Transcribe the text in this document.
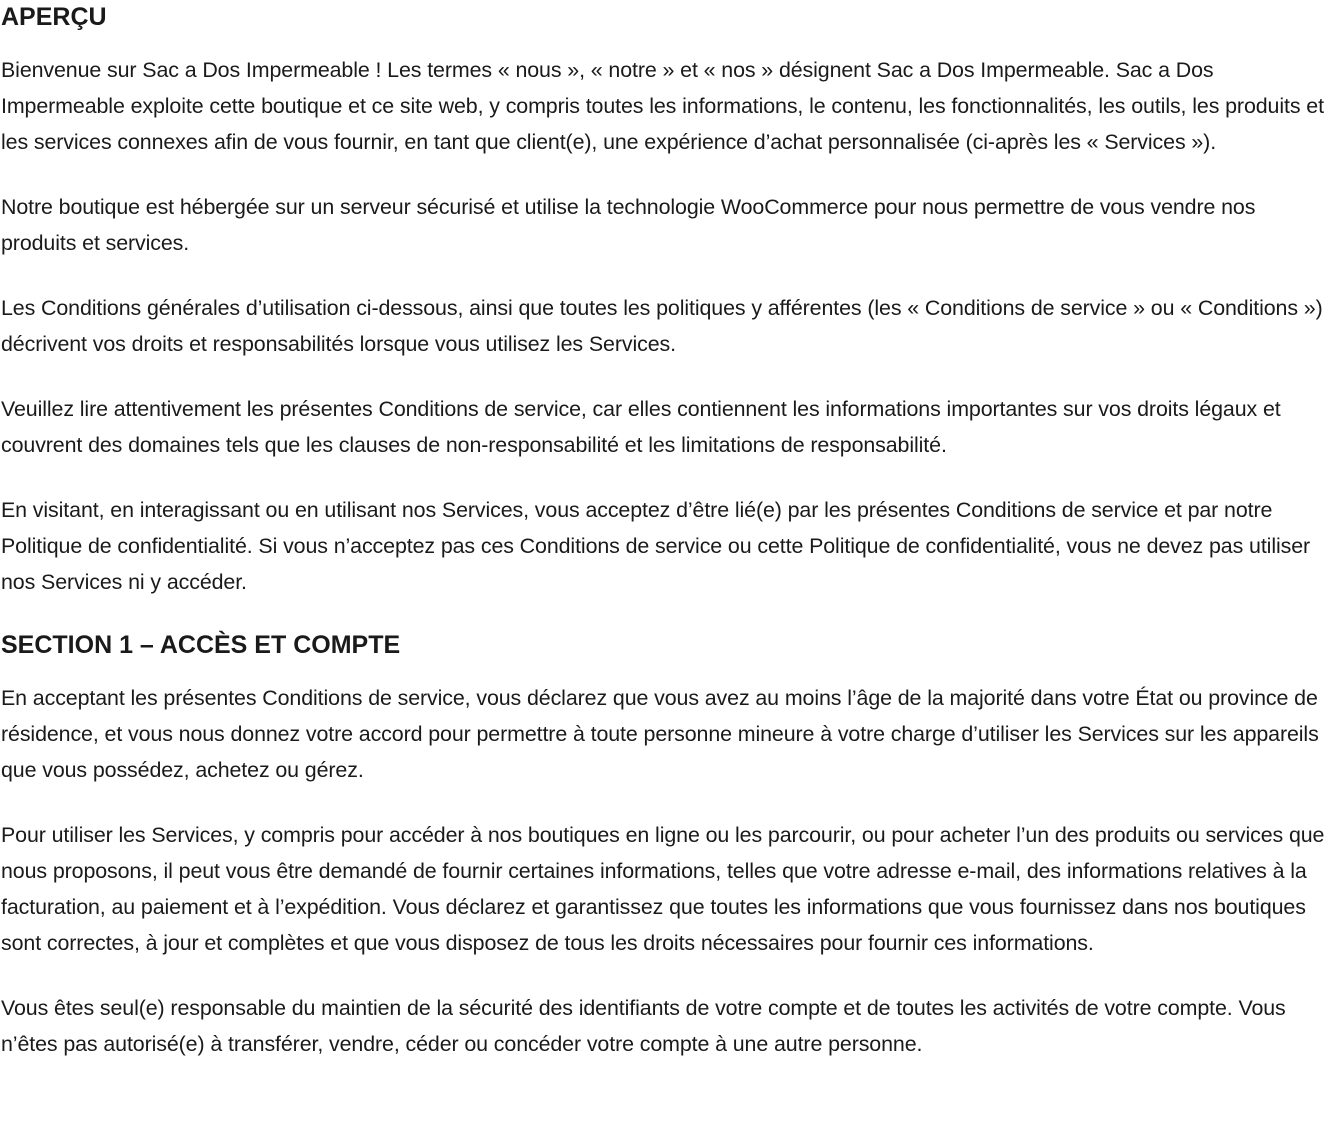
APERÇU

Bienvenue sur Sac a Dos Impermeable ! Les termes « nous », « notre » et « nos » désignent Sac a Dos Impermeable. Sac a Dos Impermeable exploite cette boutique et ce site web, y compris toutes les informations, le contenu, les fonctionnalités, les outils, les produits et les services connexes afin de vous fournir, en tant que client(e), une expérience d’achat personnalisée (ci-après les « Services »).

Notre boutique est hébergée sur un serveur sécurisé et utilise la technologie WooCommerce pour nous permettre de vous vendre nos produits et services.

Les Conditions générales d’utilisation ci-dessous, ainsi que toutes les politiques y afférentes (les « Conditions de service » ou « Conditions ») décrivent vos droits et responsabilités lorsque vous utilisez les Services.

Veuillez lire attentivement les présentes Conditions de service, car elles contiennent les informations importantes sur vos droits légaux et couvrent des domaines tels que les clauses de non-responsabilité et les limitations de responsabilité.

En visitant, en interagissant ou en utilisant nos Services, vous acceptez d’être lié(e) par les présentes Conditions de service et par notre Politique de confidentialité. Si vous n’acceptez pas ces Conditions de service ou cette Politique de confidentialité, vous ne devez pas utiliser nos Services ni y accéder.

SECTION 1 – ACCÈS ET COMPTE

En acceptant les présentes Conditions de service, vous déclarez que vous avez au moins l’âge de la majorité dans votre État ou province de résidence, et vous nous donnez votre accord pour permettre à toute personne mineure à votre charge d’utiliser les Services sur les appareils que vous possédez, achetez ou gérez.

Pour utiliser les Services, y compris pour accéder à nos boutiques en ligne ou les parcourir, ou pour acheter l’un des produits ou services que nous proposons, il peut vous être demandé de fournir certaines informations, telles que votre adresse e-mail, des informations relatives à la facturation, au paiement et à l’expédition. Vous déclarez et garantissez que toutes les informations que vous fournissez dans nos boutiques sont correctes, à jour et complètes et que vous disposez de tous les droits nécessaires pour fournir ces informations.

Vous êtes seul(e) responsable du maintien de la sécurité des identifiants de votre compte et de toutes les activités de votre compte. Vous n’êtes pas autorisé(e) à transférer, vendre, céder ou concéder votre compte à une autre personne.
